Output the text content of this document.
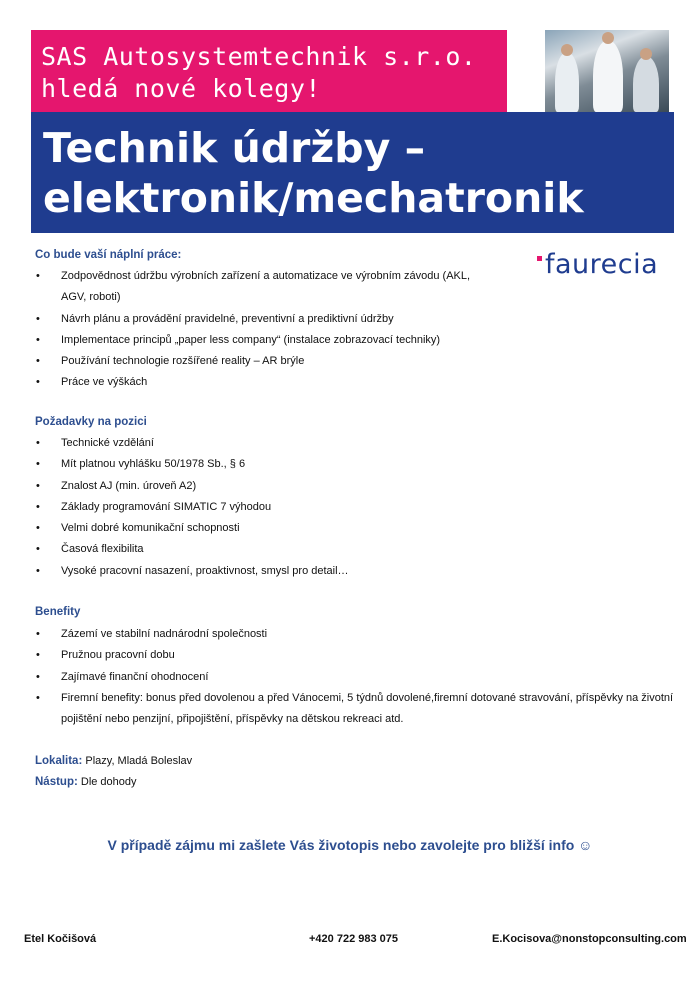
SAS Autosystemtechnik s.r.o.
hledá nové kolegy!
Technik údržby –
elektronik/mechatronik
faurecia
Co bude vaší náplní práce:
• Zodpovědnost údržbu výrobních zařízení a automatizace ve výrobním závodu (AKL, AGV, roboti)
• Návrh plánu a provádění pravidelné, preventivní a prediktivní údržby
• Implementace principů „paper less company“ (instalace zobrazovací techniky)
• Používání technologie rozšířené reality – AR brýle
• Práce ve výškách
Požadavky na pozici
• Technické vzdělání
• Mít platnou vyhlášku 50/1978 Sb., § 6
• Znalost AJ (min. úroveň A2)
• Základy programování SIMATIC 7 výhodou
• Velmi dobré komunikační schopnosti
• Časová flexibilita
• Vysoké pracovní nasazení, proaktivnost, smysl pro detail…
Benefity
• Zázemí ve stabilní nadnárodní společnosti
• Pružnou pracovní dobu
• Zajímavé finanční ohodnocení
• Firemní benefity: bonus před dovolenou a před Vánocemi, 5 týdnů dovolené,firemní dotované stravování, příspěvky na životní pojištění nebo penzijní, připojištění, příspěvky na dětskou rekreaci atd.
Lokalita: Plazy, Mladá Boleslav
Nástup: Dle dohody
V případě zájmu mi zašlete Vás životopis nebo zavolejte pro bližší info ☺
Etel Kočišová	+420 722 983 075	E.Kocisova@nonstopconsulting.com
